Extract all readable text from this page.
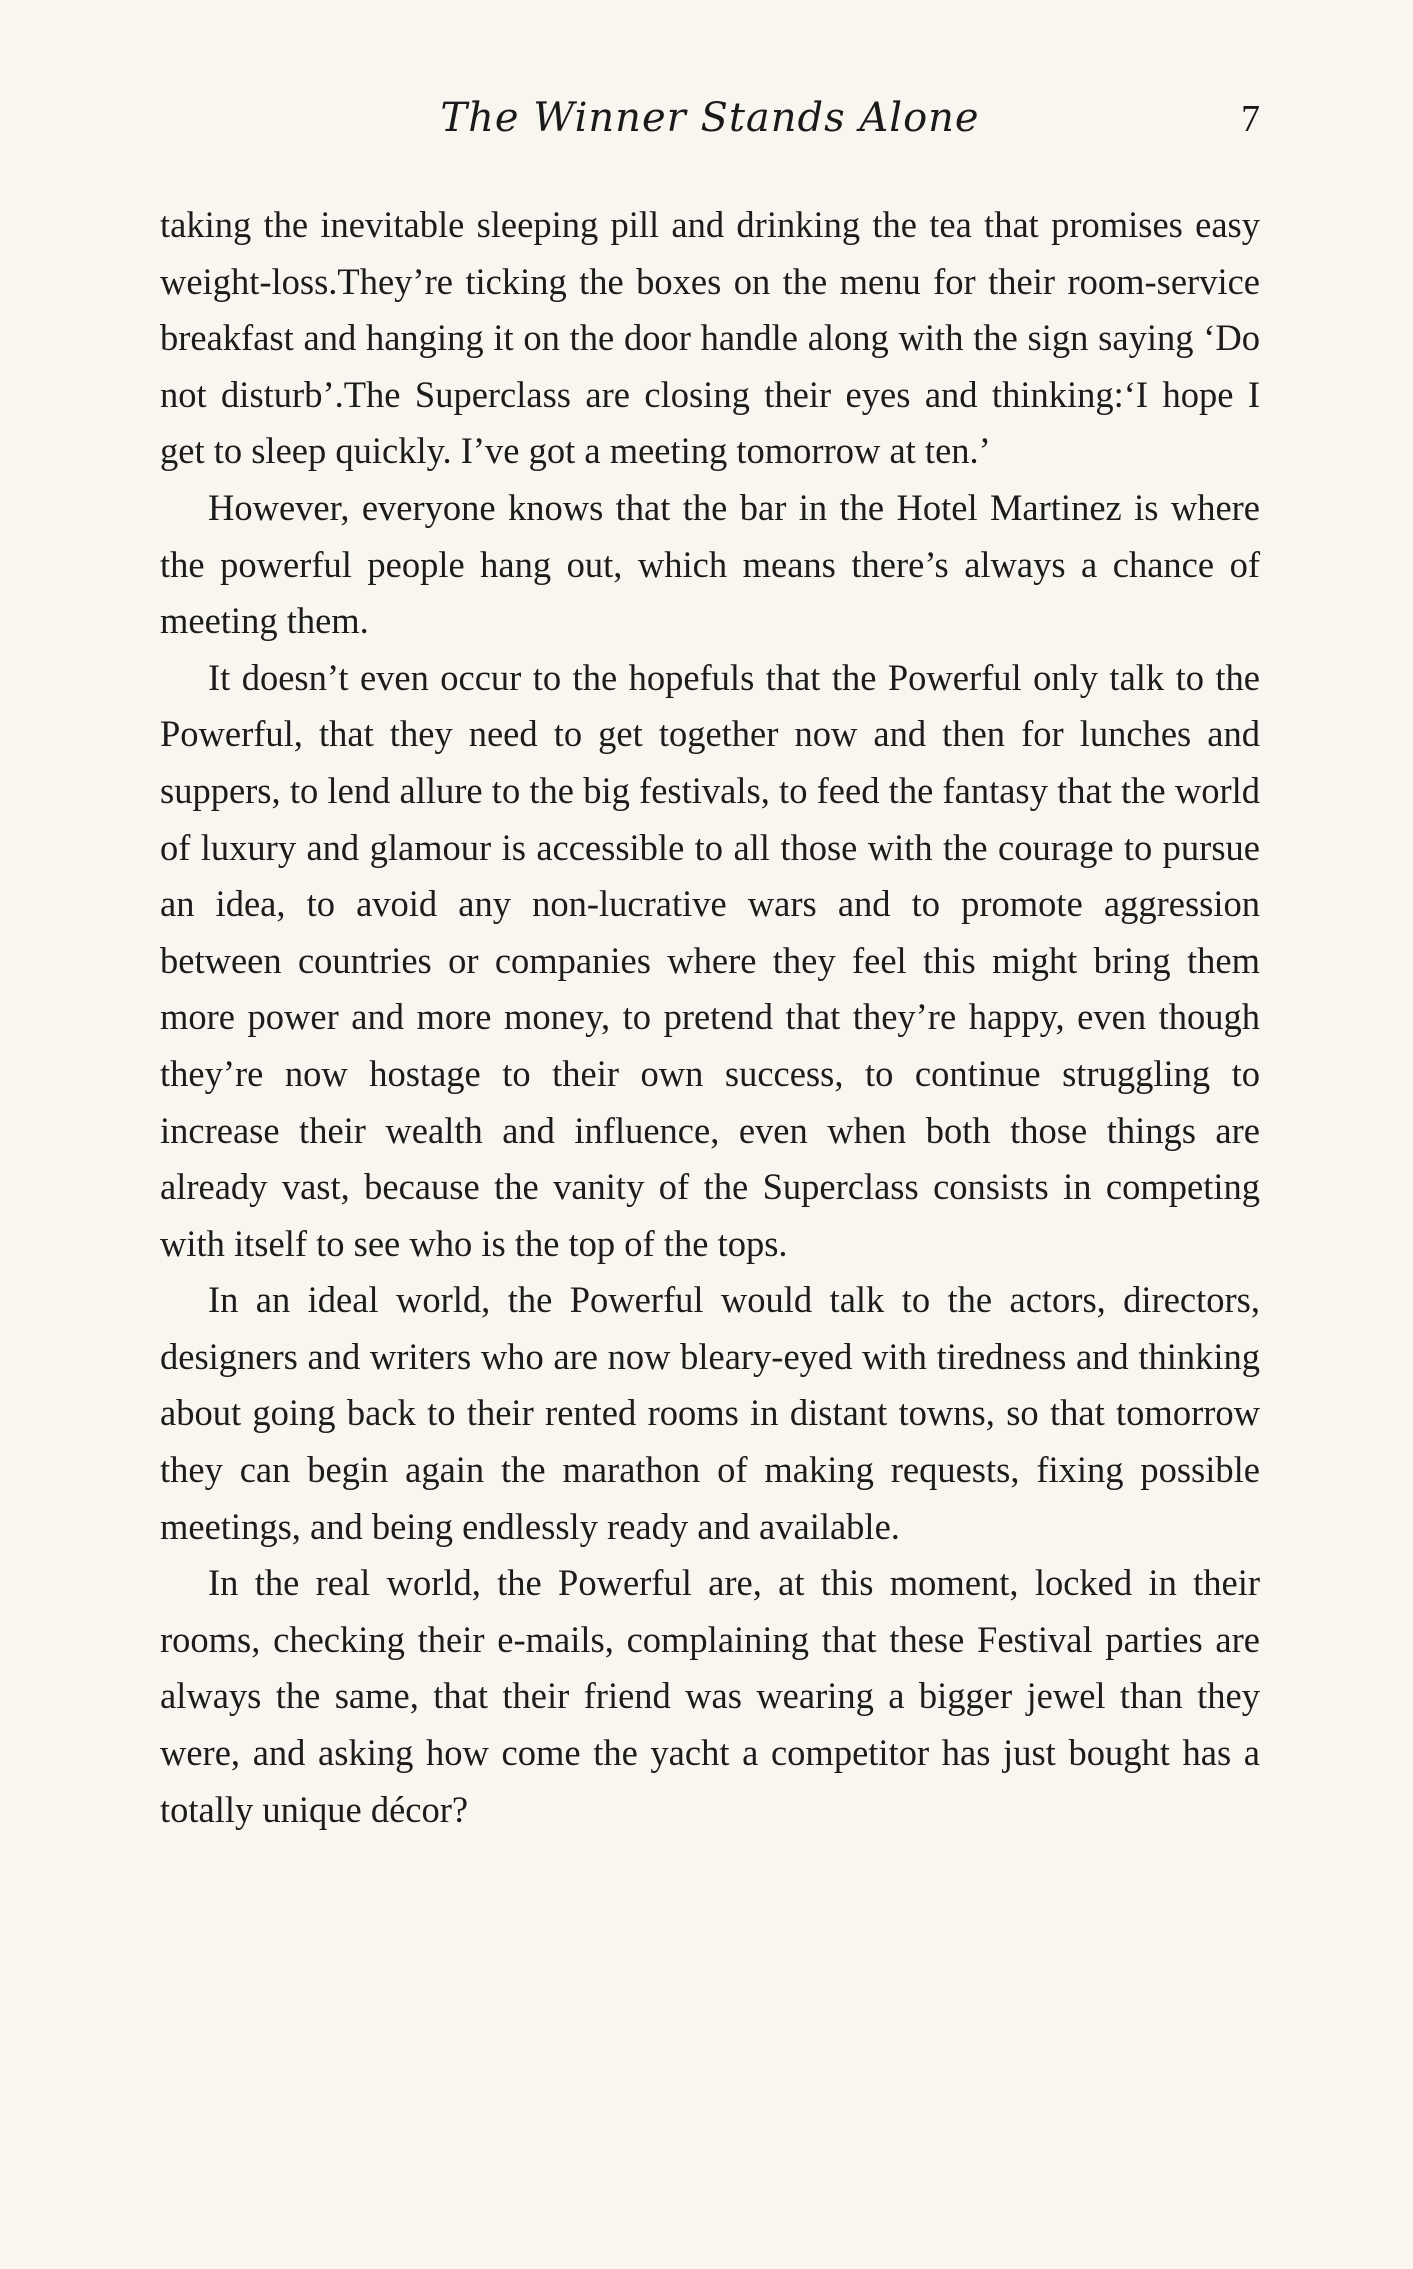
The Winner Stands Alone	7

taking the inevitable sleeping pill and drinking the tea that promises easy weight-loss.They’re ticking the boxes on the menu for their room-service breakfast and hanging it on the door handle along with the sign saying ‘Do not disturb’.The Superclass are closing their eyes and thinking:‘I hope I get to sleep quickly. I’ve got a meeting tomorrow at ten.’

However, everyone knows that the bar in the Hotel Martinez is where the powerful people hang out, which means there’s always a chance of meeting them.

It doesn’t even occur to the hopefuls that the Powerful only talk to the Powerful, that they need to get together now and then for lunches and suppers, to lend allure to the big festivals, to feed the fantasy that the world of luxury and glamour is accessible to all those with the courage to pursue an idea, to avoid any non-lucrative wars and to promote aggression between countries or companies where they feel this might bring them more power and more money, to pretend that they’re happy, even though they’re now hostage to their own success, to continue struggling to increase their wealth and influence, even when both those things are already vast, because the vanity of the Superclass consists in competing with itself to see who is the top of the tops.

In an ideal world, the Powerful would talk to the actors, directors, designers and writers who are now bleary-eyed with tiredness and thinking about going back to their rented rooms in distant towns, so that tomorrow they can begin again the marathon of making requests, fixing possible meetings, and being endlessly ready and available.

In the real world, the Powerful are, at this moment, locked in their rooms, checking their e-mails, complaining that these Festival parties are always the same, that their friend was wearing a bigger jewel than they were, and asking how come the yacht a competitor has just bought has a totally unique décor?
